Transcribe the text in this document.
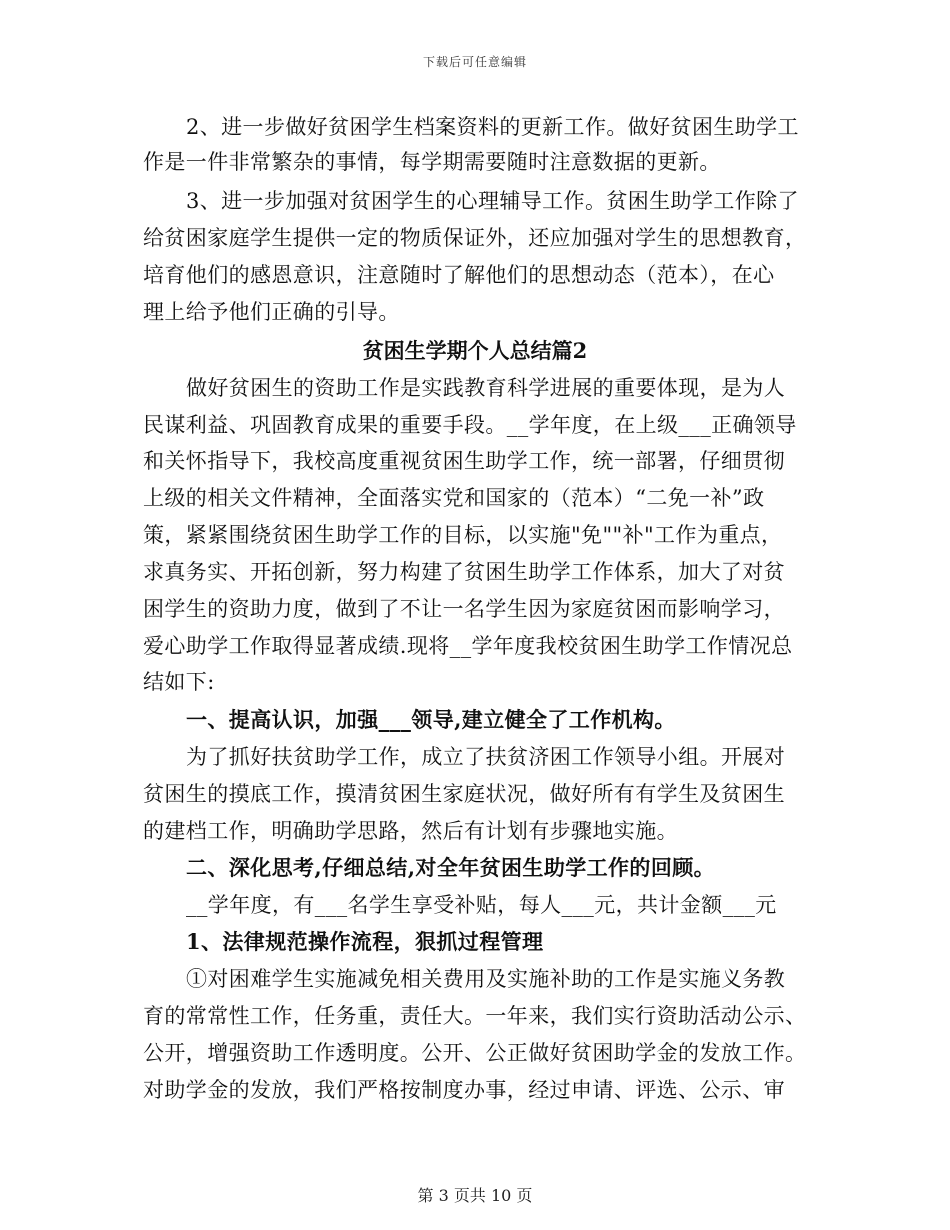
下载后可任意编辑
2、进一步做好贫困学生档案资料的更新工作。做好贫困生助学工
作是一件非常繁杂的事情，每学期需要随时注意数据的更新。
3、进一步加强对贫困学生的心理辅导工作。贫困生助学工作除了
给贫困家庭学生提供一定的物质保证外，还应加强对学生的思想教育，
培育他们的感恩意识，注意随时了解他们的思想动态（范本），在心
理上给予他们正确的引导。
贫困生学期个人总结篇2
做好贫困生的资助工作是实践教育科学进展的重要体现，是为人
民谋利益、巩固教育成果的重要手段。__学年度，在上级___正确领导
和关怀指导下，我校高度重视贫困生助学工作，统一部署，仔细贯彻
上级的相关文件精神，全面落实党和国家的（范本）“二免一补”政
策，紧紧围绕贫困生助学工作的目标，以实施"免""补"工作为重点，
求真务实、开拓创新，努力构建了贫困生助学工作体系，加大了对贫
困学生的资助力度，做到了不让一名学生因为家庭贫困而影响学习，
爱心助学工作取得显著成绩.现将__学年度我校贫困生助学工作情况总
结如下:
一、提高认识，加强___领导,建立健全了工作机构。
为了抓好扶贫助学工作，成立了扶贫济困工作领导小组。开展对
贫困生的摸底工作，摸清贫困生家庭状况，做好所有有学生及贫困生
的建档工作，明确助学思路，然后有计划有步骤地实施。
二、深化思考,仔细总结,对全年贫困生助学工作的回顾。
__学年度，有___名学生享受补贴，每人___元，共计金额___元
1、法律规范操作流程，狠抓过程管理
①对困难学生实施减免相关费用及实施补助的工作是实施义务教
育的常常性工作，任务重，责任大。一年来，我们实行资助活动公示、
公开，增强资助工作透明度。公开、公正做好贫困助学金的发放工作。
对助学金的发放，我们严格按制度办事，经过申请、评选、公示、审
第 3 页共 10 页
